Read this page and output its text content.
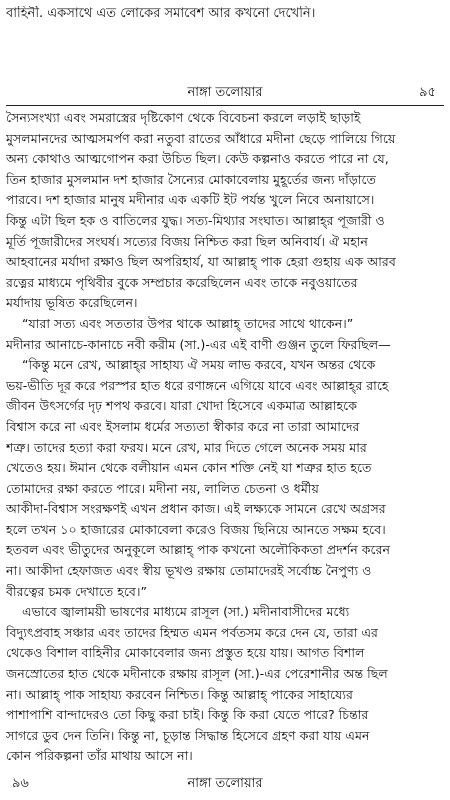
বাহিনী. একসাথে এত লোকের সমাবেশ আর কখনো দেখেনি।
নাঙ্গা তলোয়ার	৯৫
সৈন্যসংখ্যা এবং সমরাস্ত্রের দৃষ্টিকোণ থেকে বিবেচনা করলে লড়াই ছাড়াই
মুসলমানদের আত্মসমর্পণ করা নতুবা রাতের আঁধারে মদীনা ছেড়ে পালিয়ে গিয়ে
অন্য কোথাও আত্মগোপন করা উচিত ছিল। কেউ কল্পনাও করতে পারে না যে,
তিন হাজার মুসলমান দশ হাজার সৈন্যের মোকাবেলায় মুহূর্তের জন্য দাঁড়াতে
পারবে। দশ হাজার মানুষ মদীনার এক একটি ইট পর্যন্ত খুলে নিবে অনায়াসে।
কিন্তু এটা ছিল হক ও বাতিলের যুদ্ধ। সত্য-মিথ্যার সংঘাত। আল্লাহ্‌র পূজারী ও
মূর্তি পূজারীদের সংঘর্ষ। সত্যের বিজয় নিশ্চিত করা ছিল অনিবার্য। ঐ মহান
আহবানের মর্যাদা রক্ষাও ছিল অপরিহার্য, যা আল্লাহ্‌ পাক হেরা গুহায় এক আরব
রত্নের মাধ্যমে পৃথিবীর বুকে সম্প্রচার করেছিলেন এবং তাকে নবুওয়াতের
মর্যাদায় ভূষিত করেছিলেন।
“যারা সত্য এবং সততার উপর থাকে আল্লাহ্‌ তাদের সাথে থাকেন।”
মদীনার আনাচে-কানাচে নবী করীম (সা.)-এর এই বাণী গুঞ্জন তুলে ফিরছিল—
“কিন্তু মনে রেখ, আল্লাহ্‌র সাহায্য ঐ সময় লাভ করবে, যখন অন্তর থেকে
ভয়-ভীতি দূর করে পরস্পর হাত ধরে রণাঙ্গনে এগিয়ে যাবে এবং আল্লাহ্‌র রাহে
জীবন উৎসর্গের দৃঢ় শপথ করবে। যারা খোদা হিসেবে একমাত্র আল্লাহকে
বিশ্বাস করে না এবং ইসলাম ধর্মের সত্যতা স্বীকার করে না তারা আমাদের
শত্রু। তাদের হত্যা করা ফরয। মনে রেখ, মার দিতে গেলে অনেক সময় মার
খেতেও হয়। ঈমান থেকে বলীয়ান এমন কোন শক্তি নেই যা শত্রুর হাত হতে
তোমাদের রক্ষা করতে পারে। মদীনা নয়, লালিত চেতনা ও ধর্মীয়
আকীদা-বিশ্বাস সংরক্ষণই এখন প্রধান কাজ। এই লক্ষ্যকে সামনে রেখে অগ্রসর
হলে তখন ১০ হাজারের মোকাবেলা করেও বিজয় ছিনিয়ে আনতে সক্ষম হবে।
হতবল এবং ভীতুদের অনুকূলে আল্লাহ্‌ পাক কখনো অলৌকিকতা প্রদর্শন করেন
না। আকীদা হেফাজত এবং স্বীয় ভূখণ্ড রক্ষায় তোমাদেরই সর্বোচ্চ নৈপুণ্য ও
বীরত্বের চমক দেখাতে হবে।”
এভাবে জ্বালাময়ী ভাষণের মাধ্যমে রাসূল (সা.) মদীনাবাসীদের মধ্যে
বিদ্যুৎপ্রবাহ সঞ্চার এবং তাদের হিম্মত এমন পর্বতসম করে দেন যে, তারা এর
থেকেও বিশাল বাহিনীর মোকাবেলার জন্য প্রস্তুত হয়ে যায়। আগত বিশাল
জনস্রোতের হাত থেকে মদীনাকে রক্ষায় রাসূল (সা.)-এর পেরেশানীর অন্ত ছিল
না। আল্লাহ্‌ পাক সাহায্য করবেন নিশ্চিত। কিন্তু আল্লাহ্‌ পাকের সাহায্যের
পাশাপাশি বান্দাদেরও তো কিছু করা চাই। কিন্তু কি করা যেতে পারে? চিন্তার
সাগরে ডুব দেন তিনি। কিন্তু না, চূড়ান্ত সিদ্ধান্ত হিসেবে গ্রহণ করা যায় এমন
কোন পরিকল্পনা তাঁর মাথায় আসে না।
৯৬	নাঙ্গা তলোয়ার
